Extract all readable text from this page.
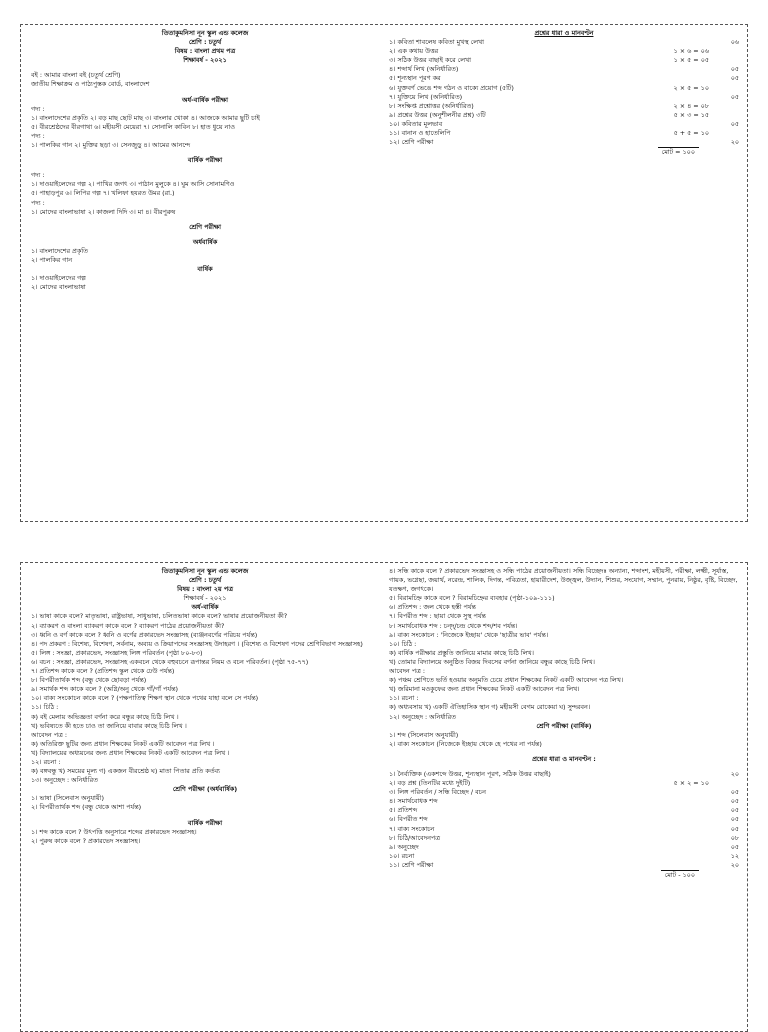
তিতাকুমনিসা নূন স্কুল এন্ড কলেজ
শ্রেণি : চতুর্থ
বিষয় : বাংলা প্রথম পত্র
শিক্ষাবর্ষ - ২০২১
বই : আমার বাংলা বই (চতুর্থ শ্রেণি)
জাতীয় শিক্ষাক্রম ও পাঠ্যপুস্তক বোর্ড, বাংলাদেশ
অর্ধ-বার্ষিক পরীক্ষা
গদ্য :
১। বাংলাদেশের প্রকৃতি ২। বড় মাছ ছোট মাছ ৩। বাংলার খোকা ৪। আজকে আমার ছুটি চাই
৫। বীরশ্রেষ্ঠদের বীরগাথা ৬। মহীয়সী মেয়েরা ৭। সোনালি কাবিন ৮। হাত ধুয়ে নাও
পদ্য :
১। পালকির গান ২। মুক্তির ছড়া ৩। সেনজুড়ু ৪। আমের আনন্দে
বার্ষিক পরীক্ষা
গদ্য :
১। দাওয়াইলেদের গল্প ২। পাখির জগৎ ৩। পাঠান মুলুকে ৪। ঘুম আসি সোনামণিও
৫। পাহাড়পুর ৬। লিপির গল্প ৭। খলিফা হযরত উমর (রা.)
পদ্য :
১। মোদের বাংলাভাষা ২। কাজলা দিদি ৩। মা ৪। বীরপুরুষ
শ্রেণি পরীক্ষা
অর্ধবার্ষিক
১। বাংলাদেশের প্রকৃতি
২। পালকির গান
বার্ষিক
১। দাওয়াইলেদের গল্প
২। মোদের বাংলাভাষা
প্রশ্নের ধারা ও মানবণ্টন
১। কবিতা শাবলেষ কবিতা মুখস্থ লেখা	০৬
২। এক কথায় উত্তর	১ × ৬ = ০৬
৩। সঠিক উত্তর বাছাই করে লেখা	১ × ৫ = ০৫
৪। শব্দার্থ লিখ (অনির্ধারিত)	০৫
৫। শূন্যস্থান পূরণ কর	০৫
৬। যুক্তবর্ণ ভেঙে শব্দ গঠন ও বাক্যে প্রয়োগ (৫টি)	২ × ৫ = ১০
৭। যুক্তিয়ে লিখ (অনির্ধারিত)	০৫
৮। সংক্ষিপ্ত প্রশ্নোত্তর (অনির্ধারিত)	২ × ৪ = ০৮
৯। প্রশ্নের উত্তর (অনুশীলনীর প্রশ্ন) ৩টি	৫ × ৩ = ১৫
১০। কবিতার মূলভাব	০৫
১১। বানান ও হাতেলিপি	৫ + ৫ = ১০
১২। শ্রেণি পরীক্ষা	২০
মোট = ১০০
তিতাকুমনিসা নূন স্কুল এন্ড কলেজ
শ্রেণি : চতুর্থ
বিষয় : বাংলা ২য় পত্র
শিক্ষাবর্ষ - ২০২১
অর্ধ-বার্ষিক
১। ভাষা কাকে বলে? মাতৃভাষা, রাষ্ট্রভাষা, সাধুভাষা, চলিতভাষা কাকে বলে? ভাষার প্রয়োজনীয়তা কী?
২। ব্যাকরণ ও বাংলা ব্যাকরণ কাকে বলে ? ব্যাকরণ পাঠের প্রয়োজনীয়তা কী?
৩। ধ্বনি ও বর্ণ কাকে বলে ? ধ্বনি ও বর্ণের প্রকারভেদ সংজ্ঞাসহ (ব্যঞ্জনবর্ণের পরিচয় পর্যন্ত)
৪। পদ প্রকরণ : বিশেষ্য, বিশেষণ, সর্বনাম, অব্যয় ও ক্রিয়াপদের সংজ্ঞাসহ উদাহরণ । (বিশেষ্য ও বিশেষণ পদের শ্রেণিবিভাগ সংজ্ঞাসহ)
৫। লিঙ্গ : সংজ্ঞা, প্রকারভেদ, সংজ্ঞাসহ লিঙ্গ পরিবর্তন (পৃষ্ঠা ৮০-৮৩)
৬। বচন : সংজ্ঞা, প্রকারভেদ, সংজ্ঞাসহ একবচন থেকে বহুবচনে রূপান্তর নিয়ম ও বচন পরিবর্তন। (পৃষ্ঠা ৭৫-৭৭)
৭। প্রতিশব্দ কাকে বলে ? (প্রতিশব্দ স্কুল থেকে ঢেউ পর্যন্ত)
৮। বিপরীতার্থক শব্দ (বন্ধু থেকে ছোবড়া পর্যন্ত)
৯। সমার্থক শব্দ কাকে বলে ? (অগ্নি/অনু থেকে গাঁ/গাঁ পর্যন্ত)
১০। বাক্য সংকোচন কাকে বলে ? (পক্ষপাতিত্ব শিক্ষণ স্থান থেকে পথের যাহা বলে সে পর্যন্ত)
১১। চিঠি :
ক) বই মেলায় অভিজ্ঞতা বর্ণনা করে বন্ধুর কাছে চিঠি লিখ ।
খ) ভবিষ্যতে কী হতে চাও তা জানিয়ে বাবার কাছে চিঠি লিখ ।
আবেদন পত্র :
ক) অতিরিক্ত ছুটির জন্য প্রধান শিক্ষকের নিকট একটি আবেদন পত্র লিখ ।
খ) বিদ্যালয়ের অধ্যয়নের জন্য প্রধান শিক্ষকের নিকট একটি আবেদন পত্র লিখ ।
১২। রচনা :
ক) বঙ্গবন্ধু খ) সময়ের মূল্য গ) একজন বীরশ্রেষ্ঠ ঘ) মাতা পিতার প্রতি কর্তব্য
১৩। অনুচ্ছেদ : অনির্ধারিত
শ্রেণি পরীক্ষা (অর্ধবার্ষিক)
১। ভাষা (সিলেবাস অনুযায়ী)
২। বিপরীতার্থক শব্দ (বন্ধু থেকে আশা পর্যন্ত)
বার্ষিক পরীক্ষা
১। শব্দ কাকে বলে ? উৎপত্তি অনুসারে শব্দের প্রকারভেদ সংজ্ঞাসহ।
২। পুরুষ কাকে বলে ? প্রকারভেদ সংজ্ঞাসহ।
৪। সন্ধি কাকে বলে ? প্রকারভেদ সংজ্ঞাসহ ও সন্ধি পাঠের প্রয়োজনীয়তা। সন্ধি বিচ্ছেদঃ অন্যান্য, শব্দাংশ, মহীয়সী, পরীক্ষা, লক্ষ্মী, সূর্যাস্ত, গায়ক, ভগ্নেছা, জয়ার্থ, নরেন্দ্র, শালিক, দিগন্ত, পবিত্রতা, হায়ারীদেশ, উজ্জ্বল, উদ্যান, শিশুর, সংযোগ, সম্মান, পুনরায়, নিষ্ঠুর, বৃষ্টি, বিচ্ছেদ, যতক্ষণ, জগৎকে।
৫। বিরামচিহ্ন কাকে বলে ? বিরামচিহ্নের ব্যবহার (পৃষ্ঠা-১০৯-১১১)
৬। প্রতিশব্দ : জল থেকে হস্তী পর্যন্ত
৭। বিপরীত শব্দ : ছায়া থেকে সুস্থ পর্যন্ত
৮। সমার্থবোধক শব্দ : চন্দ্/চন্দ্র থেকে শব্দ/শব পর্যন্ত।
৯। বাক্য সংকোচন : 'নিজেকে ইচ্ছায়' থেকে 'ছাত্রীর ভাব' পর্যন্ত।
১০। চিঠি :
ক) বার্ষিক পরীক্ষার প্রস্তুতি জানিয়ে মামার কাছে চিঠি লিখ।
খ) তোমার বিদ্যালয়ে অনুষ্ঠিত বিজয় দিবসের বর্ণনা জানিয়ে বন্ধুর কাছে চিঠি লিখ।
আবেদন পত্র :
ক) পঞ্চম শ্রেণিতে ভর্তি হওয়ার অনুমতি চেয়ে প্রধান শিক্ষকের নিকট একটি আবেদন পত্র লিখ।
খ) জরিমানা মওকুফের জন্য প্রধান শিক্ষকের নিকট একটি আবেদন পত্র লিখ।
১১। রচনা :
ক) অধ্যবসায় খ) একটি ঐতিহাসিক স্থান গ) মহীয়সী বেগম রোকেয়া ঘ) সুন্দরবন।
১২। অনুচ্ছেদ : অনির্ধারিত
শ্রেণি পরীক্ষা (বার্ষিক)
১। শব্দ (সিলেবাস অনুযায়ী)
২। বাক্য সংকোচন (নিজেকে ইচ্ছায় থেকে হে পথের না পর্যন্ত)
প্রশ্নের ধারা ও মানবণ্টন :
১। নৈর্ব্যক্তিক (একশব্দে উত্তর, শূন্যস্থান পূরণ, সঠিক উত্তর বাছাই)	২০
২। বড় প্রশ্ন (তিনটির মধ্যে দুইটি)	৫ × ২ = ১০
৩। লিঙ্গ পরিবর্তন / সন্ধি বিচ্ছেদ / বচন	০৫
৪। সমার্থবোধক শব্দ	০৫
৫। প্রতিশব্দ	০৫
৬। বিপরীত শব্দ	০৫
৭। বাক্য সংকোচন	০৫
৮। চিঠি/আবেদনপত্র	০৮
৯। অনুচ্ছেদ	০৫
১০। রচনা	১২
১১। শ্রেণি পরীক্ষা	২০
মোট - ১০০
